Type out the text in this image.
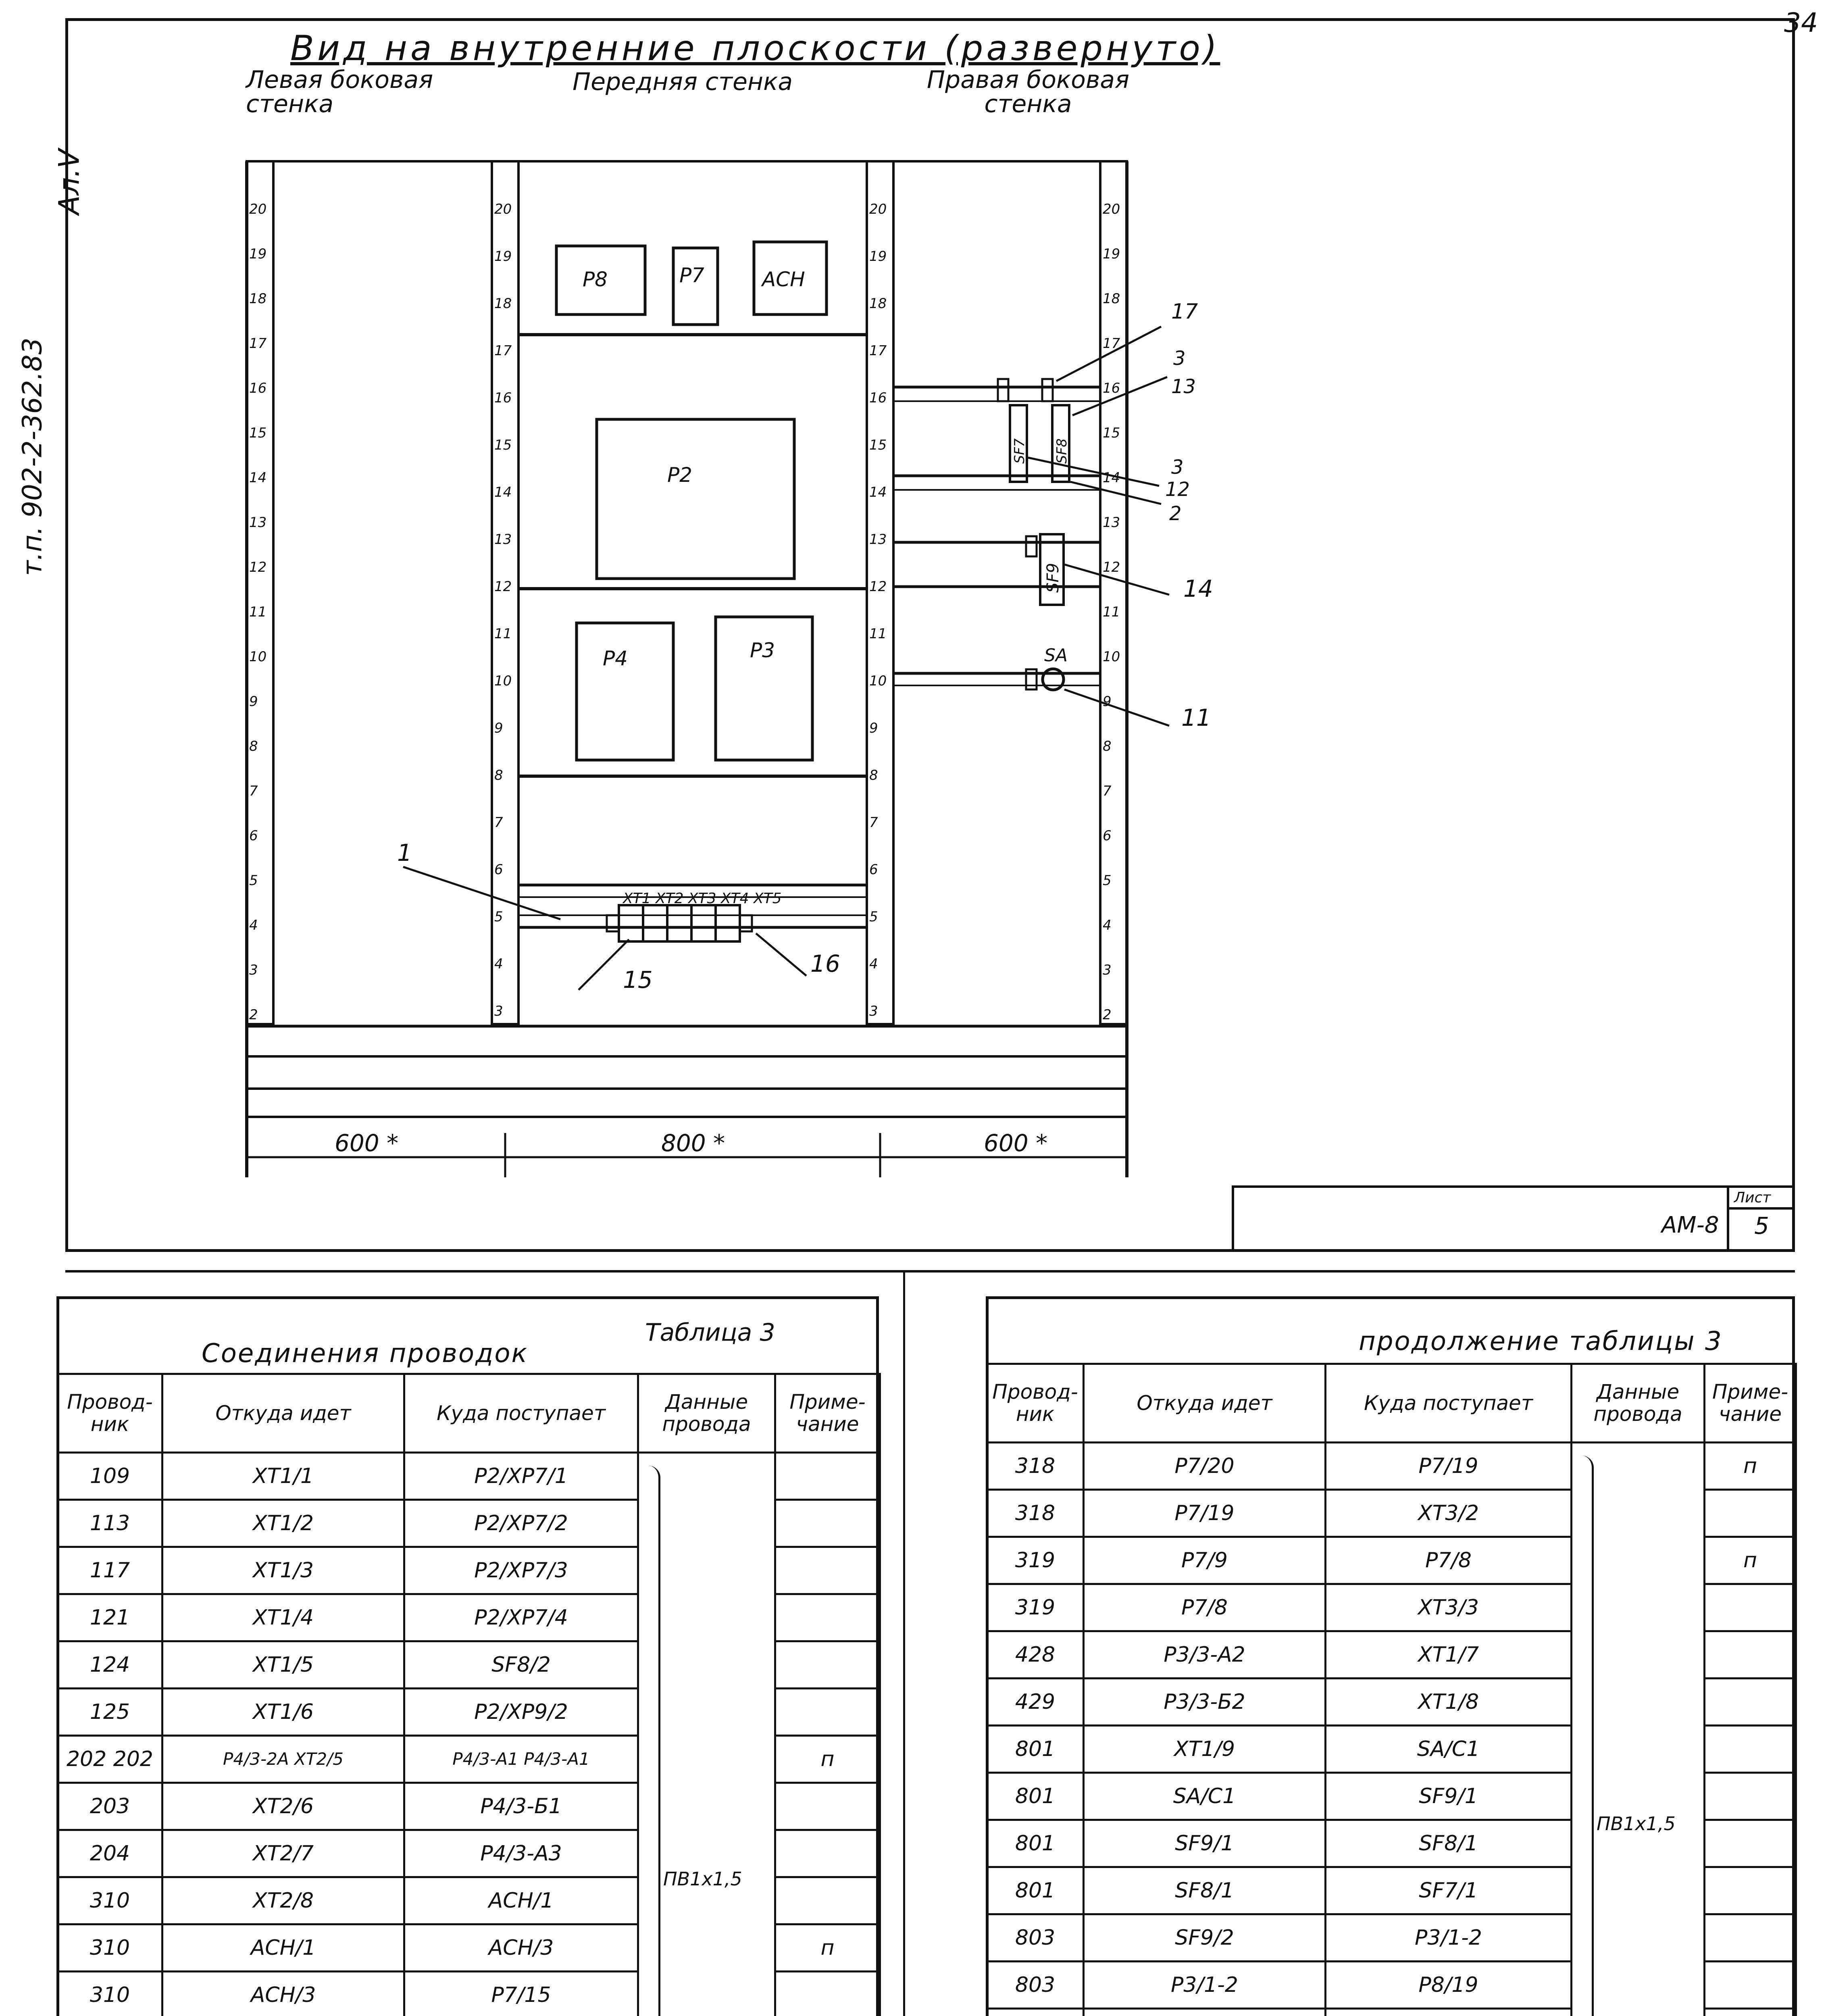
34
т.п. 902-2-362.83
Ал.V
Вид на внутренние плоскости (развернуто)
Левая боковая стенка
Передняя стенка	Правая боковая стенка
20
19
18
17
16
15
14
13
12
11
10
9
8
7
6
5
4
3
2
20
19
18
17
16
15
14
13
12
11
10
9
8
7
6
5
4
3
20
19
18
17
16
15
14
13
12
11
10
9
8
7
6
5
4
3
20
19
18
17
16
15
14
13
12
11
10
9
8
7
6
5
4
3
2
Р8	Р7	АСН
Р2
Р4	Р3
ХТ1 ХТ2 ХТ3 ХТ4 ХТ5
SF7 SF8
SF9
SA
1
15
16
17
3
13
3
12
2
14
11
600 *	800 *	600 *
Лист
АМ-8 5
Соединения проводок
Таблица 3
Провод-ник	Откуда идет	Куда поступает	Данные провода	Приме-чание
109	ХТ1/1	Р2/ХР7/1	ПВ1х1,5	

113	ХТ1/2	Р2/ХР7/2		
117	ХТ1/3	Р2/ХР7/3		
121	ХТ1/4	Р2/ХР7/4		
124	ХТ1/5	SF8/2		
125	ХТ1/6	Р2/ХР9/2		
202 202	Р4/3-2А ХТ2/5	Р4/3-А1 Р4/3-А1		п
203	ХТ2/6	Р4/3-Б1		
204	ХТ2/7	Р4/3-А3		
310	ХТ2/8	АСН/1		
310	АСН/1	АСН/3		п
310	АСН/3	Р7/15		

продолжение таблицы 3
Провод-ник	Откуда идет	Куда поступает	Данные провода	Приме-чание
318	Р7/20	Р7/19	ПВ1х1,5	п
318	Р7/19	ХТ3/2		
319	Р7/9	Р7/8		п
319	Р7/8	ХТ3/3		
428	Р3/3-А2	ХТ1/7		
429	Р3/3-Б2	ХТ1/8		
801	ХТ1/9	SA/С1		
801	SA/С1	SF9/1		
801	SF9/1	SF8/1		
801	SF8/1	SF7/1		
803	SF9/2	Р3/1-2		
803	Р3/1-2	Р8/19		
